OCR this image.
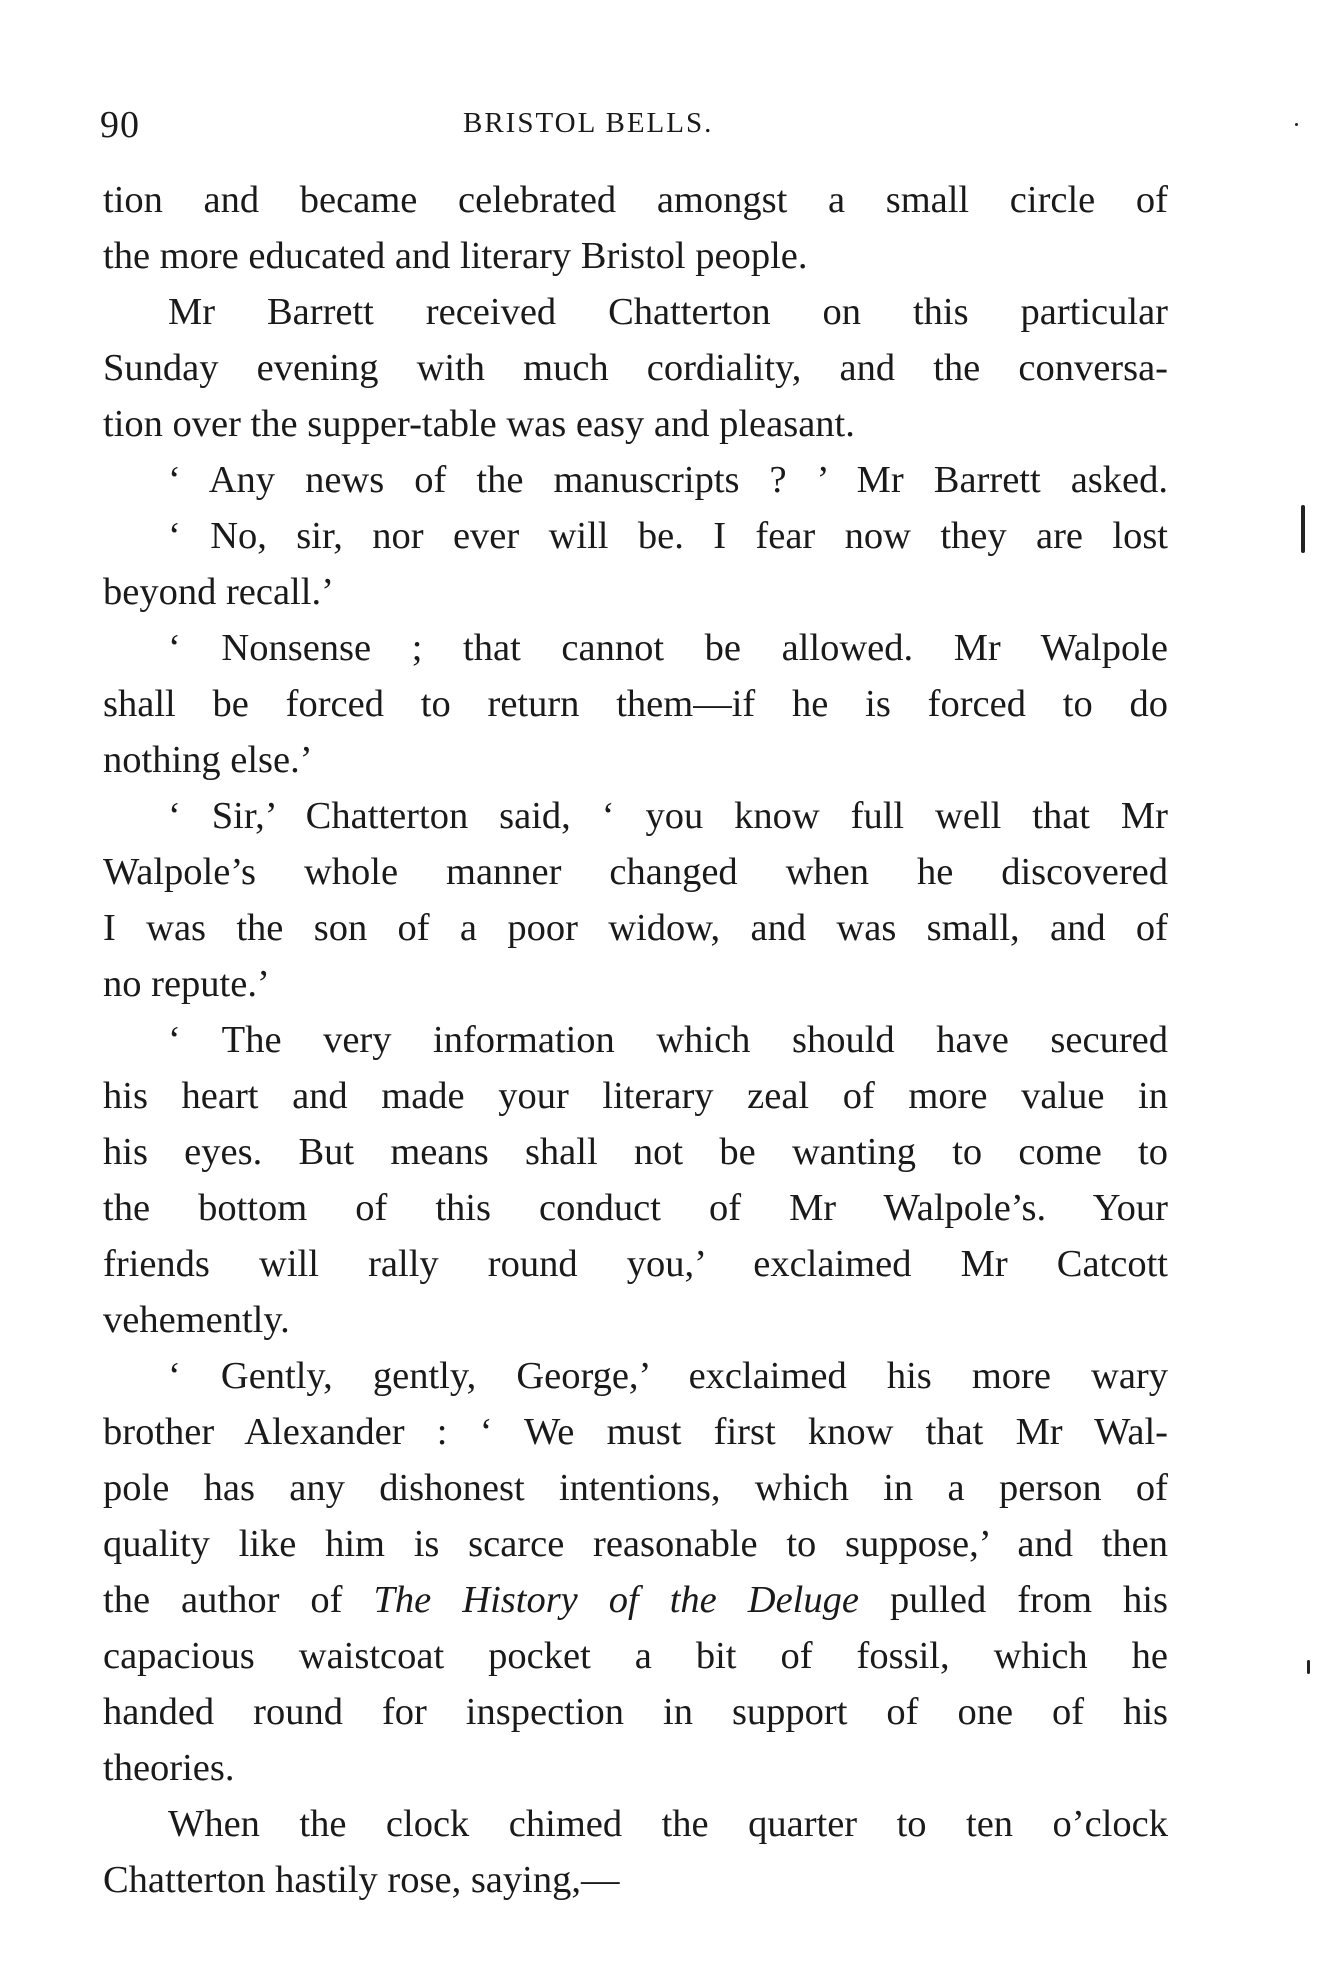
90	BRISTOL BELLS.
tion and became celebrated amongst a small circle of
the more educated and literary Bristol people.
Mr Barrett received Chatterton on this particular
Sunday evening with much cordiality, and the conversa-
tion over the supper-table was easy and pleasant.
‘ Any news of the manuscripts ? ’ Mr Barrett asked.
‘ No, sir, nor ever will be. I fear now they are lost
beyond recall.’
‘ Nonsense ; that cannot be allowed. Mr Walpole
shall be forced to return them—if he is forced to do
nothing else.’
‘ Sir,’ Chatterton said, ‘ you know full well that Mr
Walpole’s whole manner changed when he discovered
I was the son of a poor widow, and was small, and of
no repute.’
‘ The very information which should have secured
his heart and made your literary zeal of more value in
his eyes. But means shall not be wanting to come to
the bottom of this conduct of Mr Walpole’s. Your
friends will rally round you,’ exclaimed Mr Catcott
vehemently.
‘ Gently, gently, George,’ exclaimed his more wary
brother Alexander : ‘ We must first know that Mr Wal-
pole has any dishonest intentions, which in a person of
quality like him is scarce reasonable to suppose,’ and then
the author of The History of the Deluge pulled from his
capacious waistcoat pocket a bit of fossil, which he
handed round for inspection in support of one of his
theories.
When the clock chimed the quarter to ten o’clock
Chatterton hastily rose, saying,—
